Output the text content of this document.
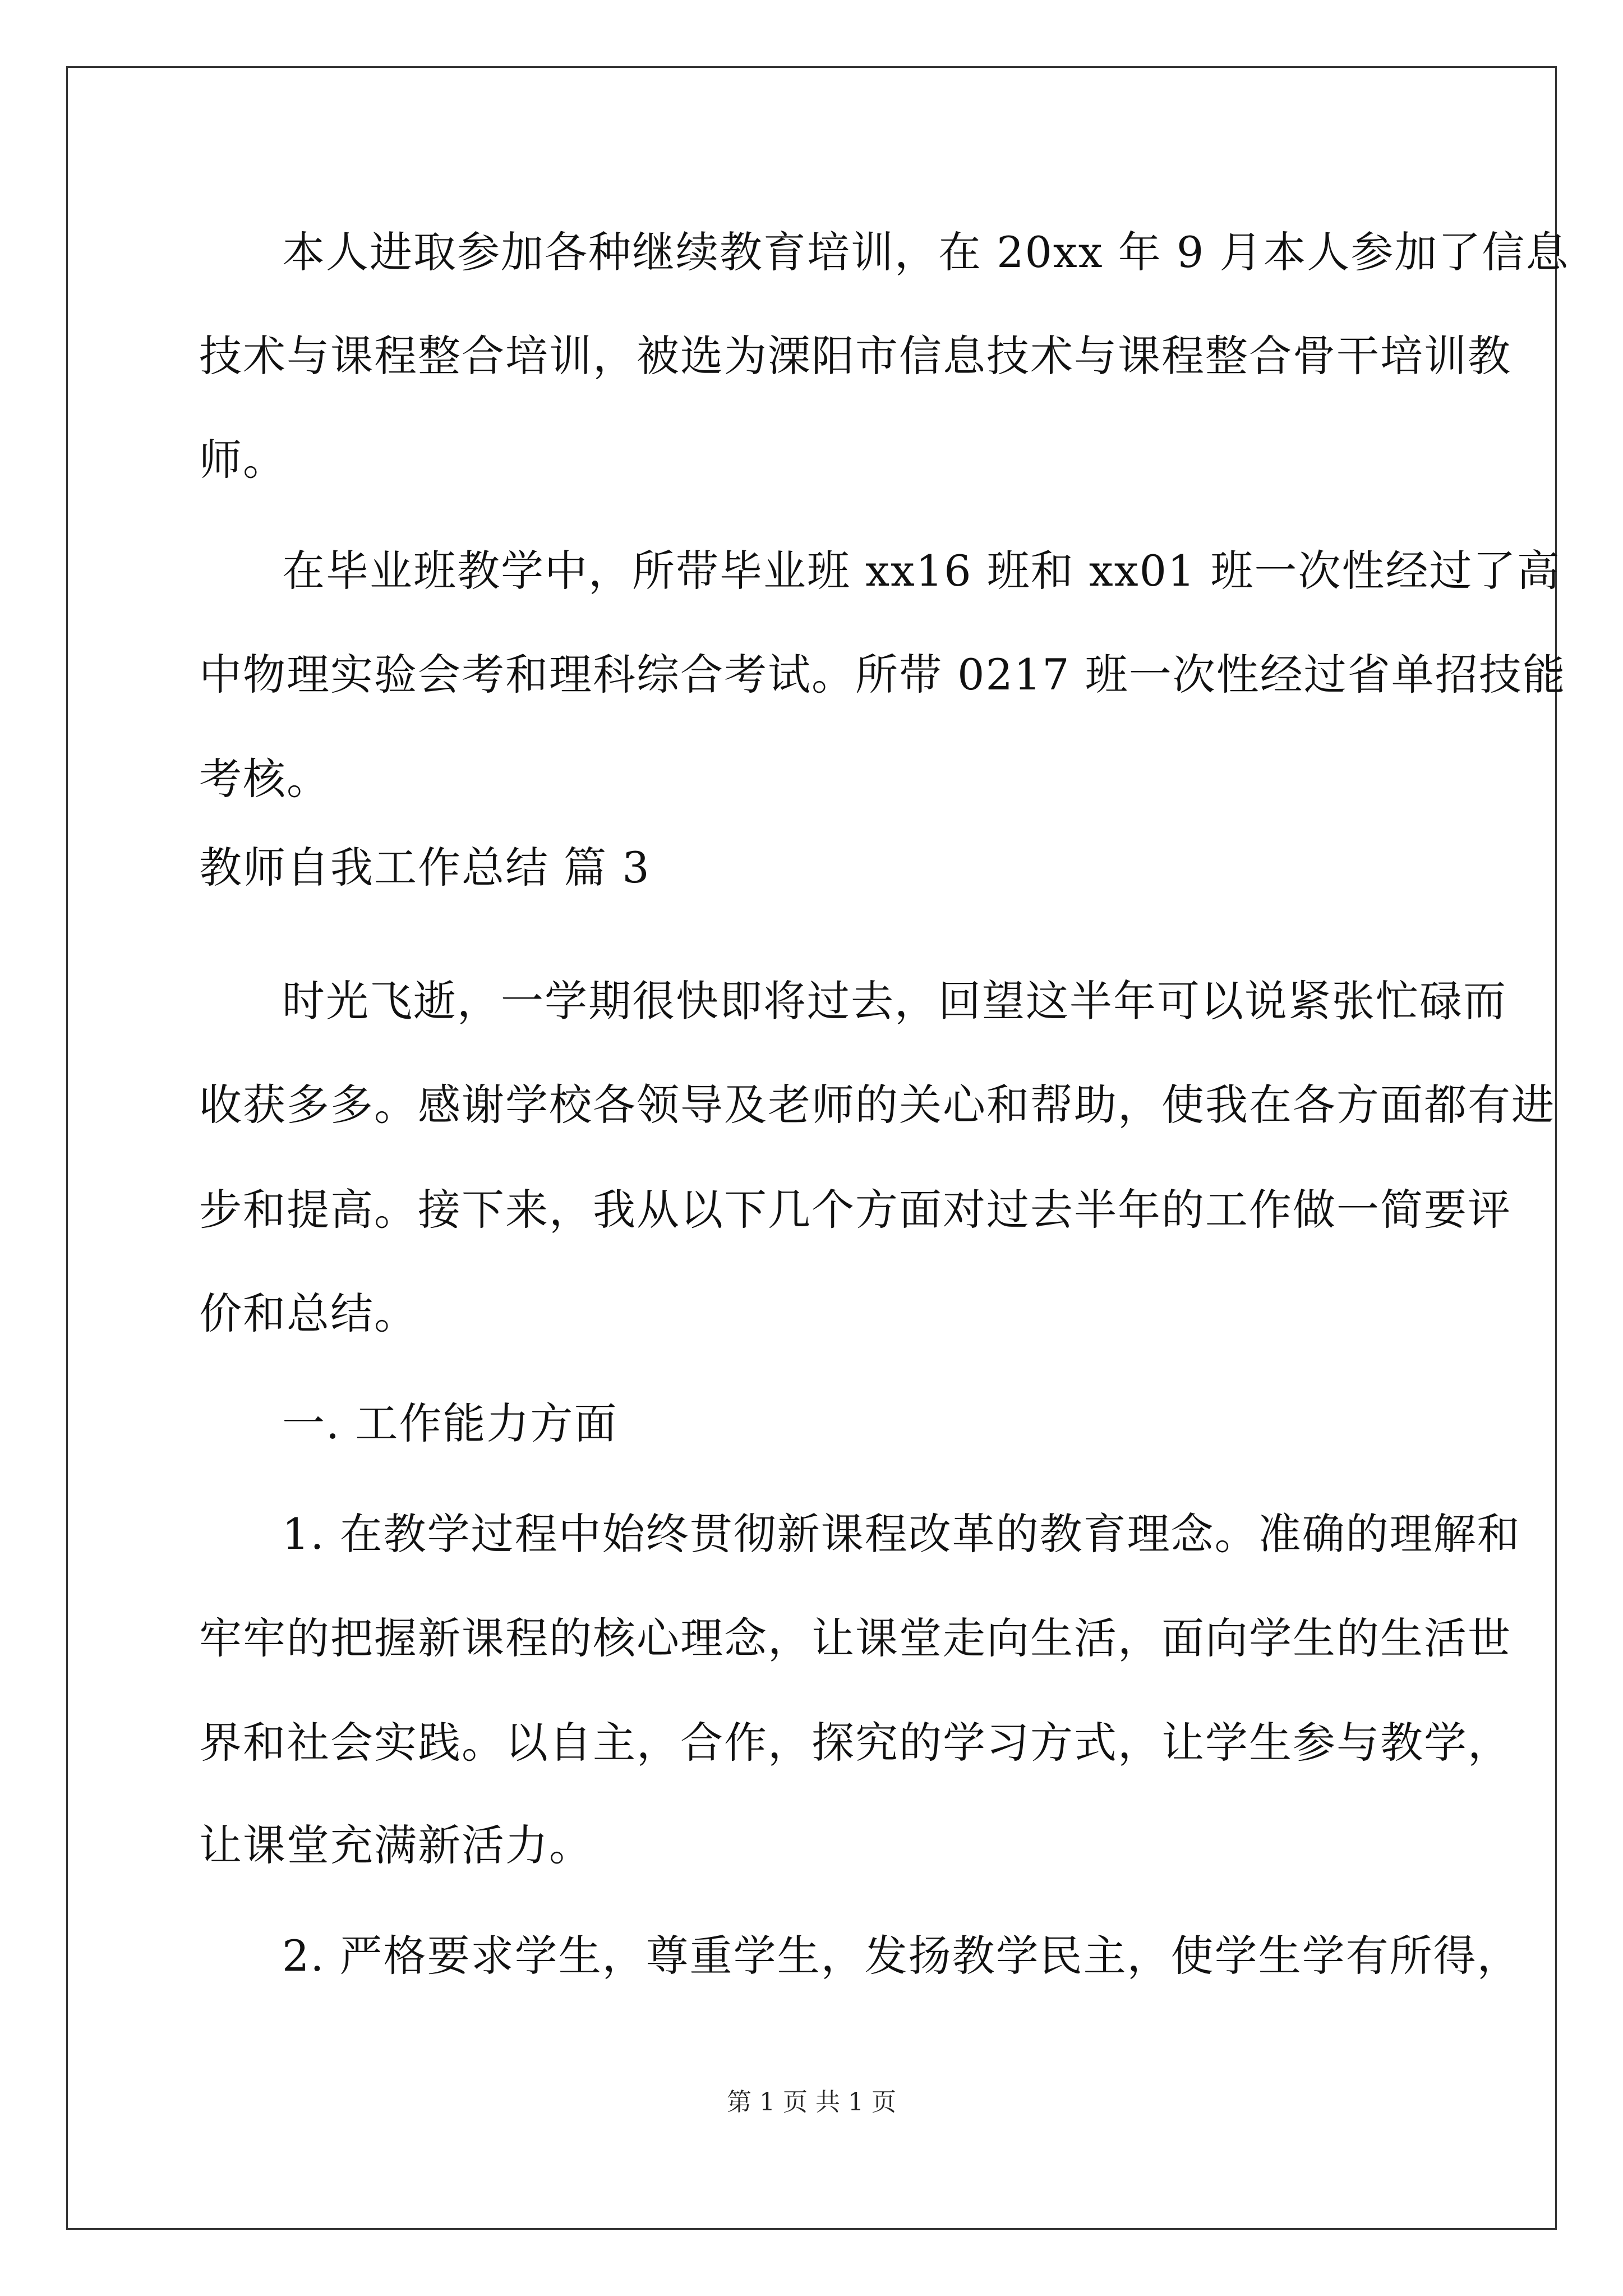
本人进取参加各种继续教育培训，在 20xx 年 9 月本人参加了信息
技术与课程整合培训，被选为溧阳市信息技术与课程整合骨干培训教
师。
在毕业班教学中，所带毕业班 xx16 班和 xx01 班一次性经过了高
中物理实验会考和理科综合考试。所带 0217 班一次性经过省单招技能
考核。
教师自我工作总结 篇 3
时光飞逝，一学期很快即将过去，回望这半年可以说紧张忙碌而
收获多多。感谢学校各领导及老师的关心和帮助，使我在各方面都有进
步和提高。接下来，我从以下几个方面对过去半年的工作做一简要评
价和总结。
一. 工作能力方面
1. 在教学过程中始终贯彻新课程改革的教育理念。准确的理解和
牢牢的把握新课程的核心理念，让课堂走向生活，面向学生的生活世
界和社会实践。以自主，合作，探究的学习方式，让学生参与教学，
让课堂充满新活力。
2. 严格要求学生，尊重学生，发扬教学民主，使学生学有所得，
第 1 页 共 1 页
